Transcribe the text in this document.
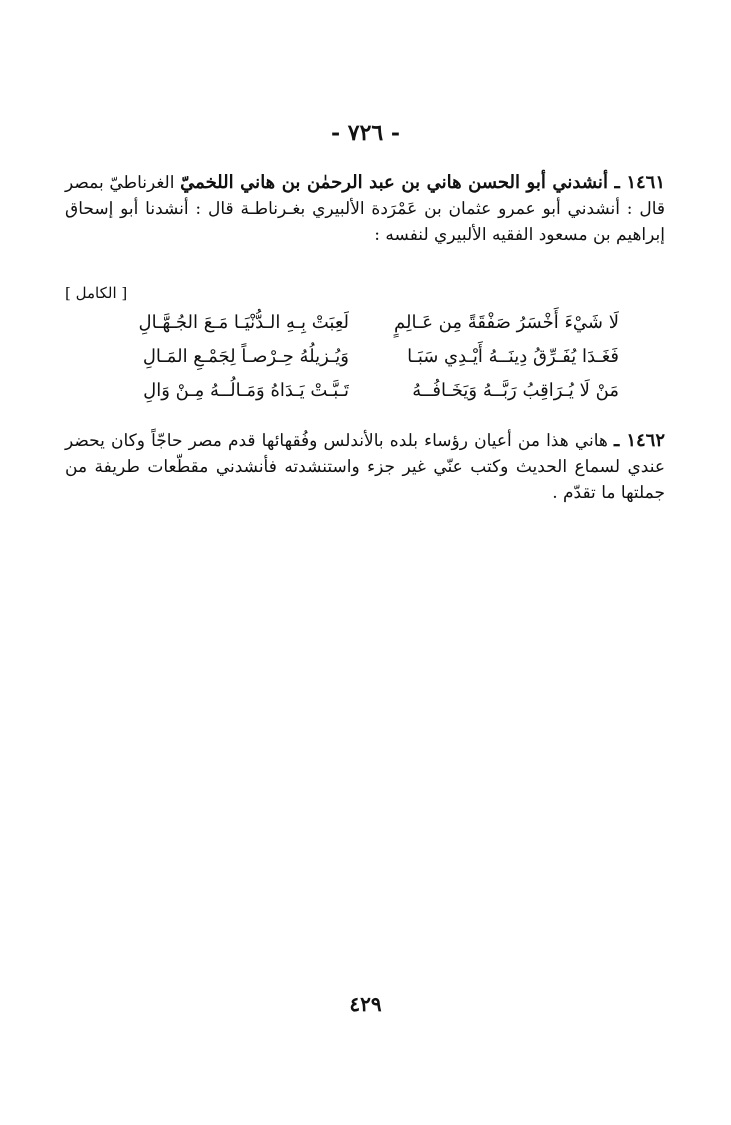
- ٧٢٦ -
١٤٦١ ـ أنشدني أبو الحسن هاني بن عبد الرحمٰن بن هاني اللخميّ الغرناطيّ بمصر قال : أنشدني أبو عمرو عثمان بن عَمْرَدة الألبيري بغـرناطـة قال : أنشدنا أبو إسحاق إبراهيم بن مسعود الفقيه الألبيري لنفسه :
[ الكامل ]
لَا شَيْءَ أَخْسَرُ صَفْقَةً مِن عَـالِمٍ
لَعِبَتْ بِـهِ الـدُّنْيَـا مَـعَ الجُـهَّـالِ
فَغَـدَا يُفَـرِّقُ دِينَــهُ أَيْـدِي سَبَـا
وَيُـزيلُهُ حِـرْصـاً لِجَمْـعِ المَـالِ
مَنْ لَا يُـرَاقِبُ رَبَّــهُ وَيَخَـافُــهُ
تَـبَّـتْ يَـدَاهُ وَمَـالُــهُ مِـنْ وَالِ
١٤٦٢ ـ هاني هذا من أعيان رؤساء بلده بالأندلس وفُقهائها قدم مصر حاجّاً وكان يحضر عندي لسماع الحديث وكتب عنّي غير جزء واستنشدته فأنشدني مقطّعات طريفة من جملتها ما تقدّم .
٤٢٩
